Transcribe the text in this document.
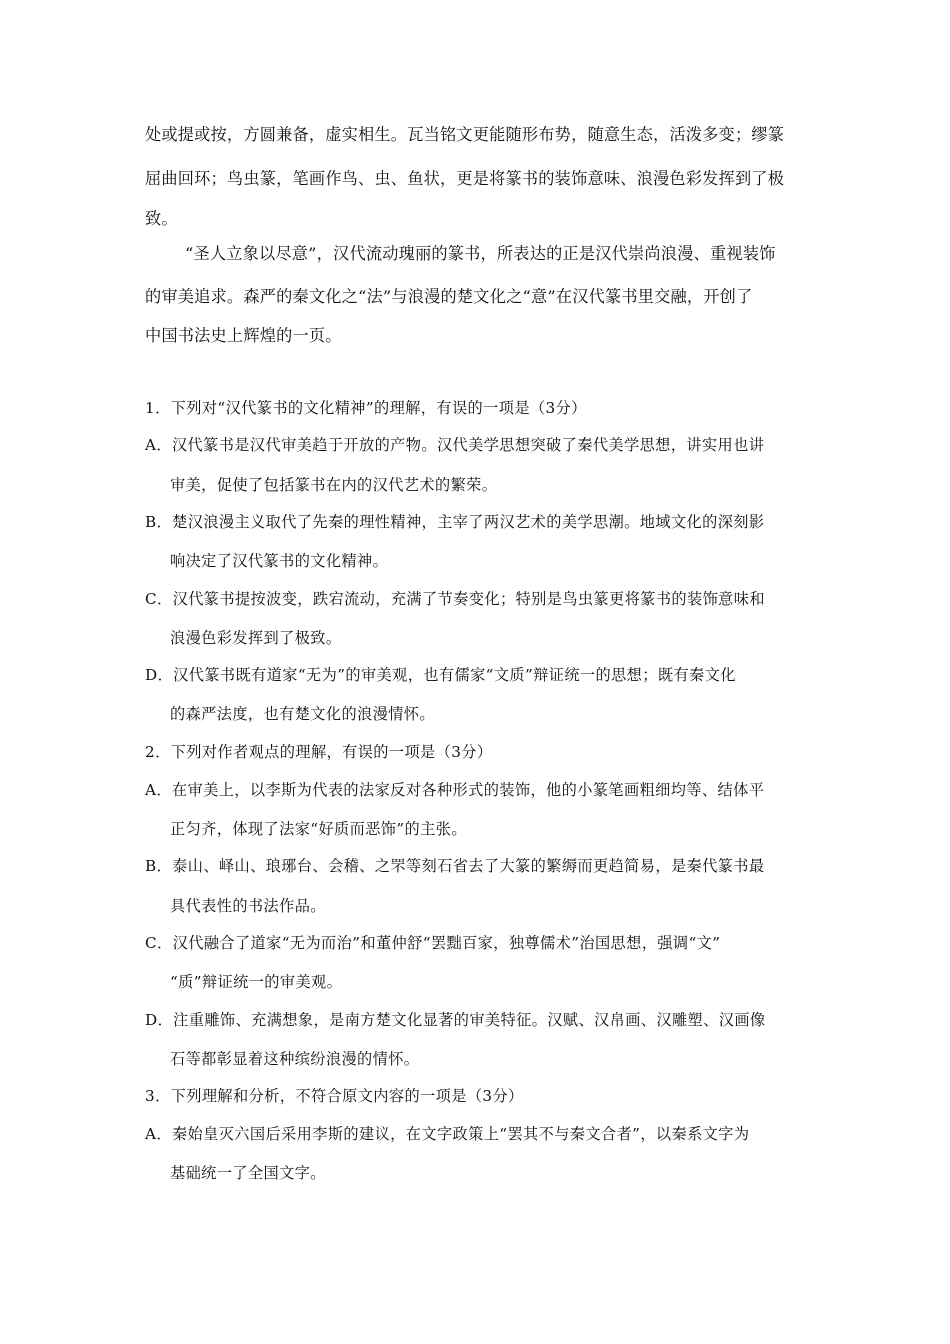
处或提或按，方圆兼备，虚实相生。瓦当铭文更能随形布势，随意生态，活泼多变；缪篆
屈曲回环；鸟虫篆，笔画作鸟、虫、鱼状，更是将篆书的装饰意味、浪漫色彩发挥到了极
致。
“圣人立象以尽意”，汉代流动瑰丽的篆书，所表达的正是汉代崇尚浪漫、重视装饰
的审美追求。森严的秦文化之“法”与浪漫的楚文化之“意”在汉代篆书里交融，开创了
中国书法史上辉煌的一页。
1．下列对“汉代篆书的文化精神”的理解，有误的一项是（3分）
A．汉代篆书是汉代审美趋于开放的产物。汉代美学思想突破了秦代美学思想，讲实用也讲
审美，促使了包括篆书在内的汉代艺术的繁荣。
B．楚汉浪漫主义取代了先秦的理性精神，主宰了两汉艺术的美学思潮。地域文化的深刻影
响决定了汉代篆书的文化精神。
C．汉代篆书提按波变，跌宕流动，充满了节奏变化；特别是鸟虫篆更将篆书的装饰意味和
浪漫色彩发挥到了极致。
D．汉代篆书既有道家“无为”的审美观，也有儒家“文质”辩证统一的思想；既有秦文化
的森严法度，也有楚文化的浪漫情怀。
2．下列对作者观点的理解，有误的一项是（3分）
A．在审美上，以李斯为代表的法家反对各种形式的装饰，他的小篆笔画粗细均等、结体平
正匀齐，体现了法家“好质而恶饰”的主张。
B．泰山、峄山、琅琊台、会稽、之罘等刻石省去了大篆的繁缛而更趋简易，是秦代篆书最
具代表性的书法作品。
C．汉代融合了道家“无为而治”和董仲舒“罢黜百家，独尊儒术”治国思想，强调“文”
“质”辩证统一的审美观。
D．注重雕饰、充满想象，是南方楚文化显著的审美特征。汉赋、汉帛画、汉雕塑、汉画像
石等都彰显着这种缤纷浪漫的情怀。
3．下列理解和分析，不符合原文内容的一项是（3分）
A．秦始皇灭六国后采用李斯的建议，在文字政策上“罢其不与秦文合者”，以秦系文字为
基础统一了全国文字。
